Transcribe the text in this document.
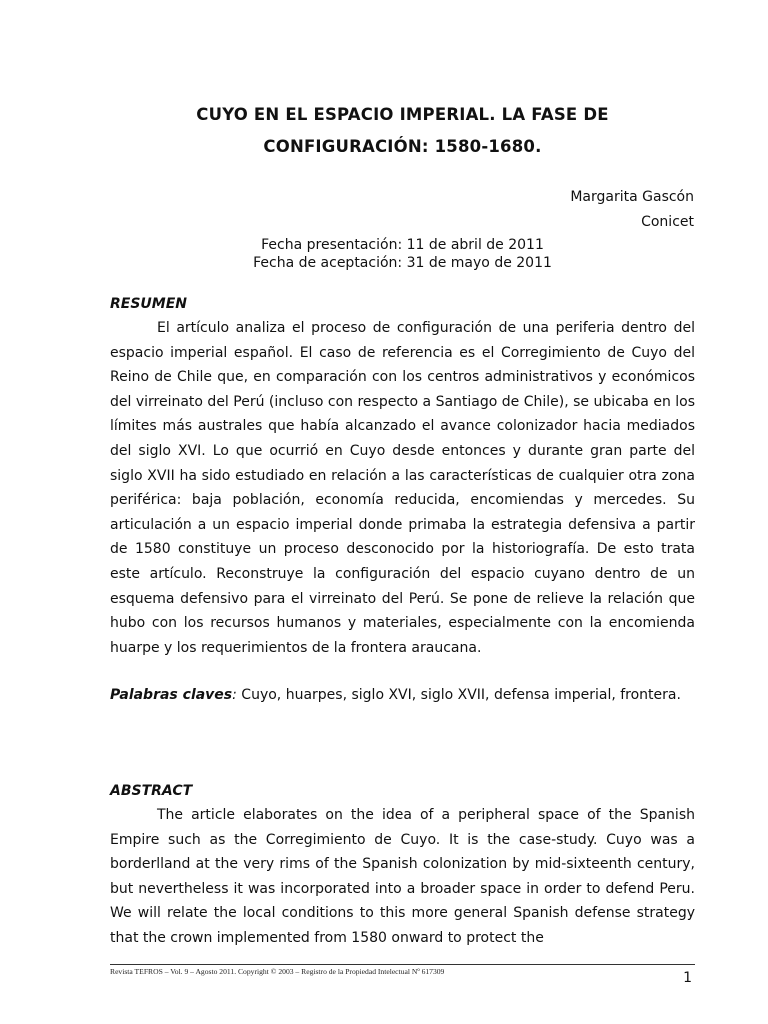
CUYO EN EL ESPACIO IMPERIAL. LA FASE DE
CONFIGURACIÓN: 1580-1680.
Margarita Gascón
Conicet
Fecha presentación: 11 de abril de 2011
Fecha de aceptación: 31 de mayo de 2011
RESUMEN

El artículo analiza el proceso de configuración de una periferia dentro del espacio imperial español. El caso de referencia es el Corregimiento de Cuyo del Reino de Chile que, en comparación con los centros administrativos y económicos del virreinato del Perú (incluso con respecto a Santiago de Chile), se ubicaba en los límites más australes que había alcanzado el avance colonizador hacia mediados del siglo XVI. Lo que ocurrió en Cuyo desde entonces y durante gran parte del siglo XVII ha sido estudiado en relación a las características de cualquier otra zona periférica: baja población, economía reducida, encomiendas y mercedes. Su articulación a un espacio imperial donde primaba la estrategia defensiva a partir de 1580 constituye un proceso desconocido por la historiografía. De esto trata este artículo. Reconstruye la configuración del espacio cuyano dentro de un esquema defensivo para el virreinato del Perú. Se pone de relieve la relación que hubo con los recursos humanos y materiales, especialmente con la encomienda huarpe y los requerimientos de la frontera araucana.

Palabras claves: Cuyo, huarpes, siglo XVI, siglo XVII, defensa imperial, frontera.

ABSTRACT

The article elaborates on the idea of a peripheral space of the Spanish Empire such as the Corregimiento de Cuyo. It is the case-study. Cuyo was a borderlland at the very rims of the Spanish colonization by mid-sixteenth century, but nevertheless it was incorporated into a broader space in order to defend Peru. We will relate the local conditions to this more general Spanish defense strategy that the crown implemented from 1580 onward to protect the

Revista TEFROS – Vol. 9 – Agosto 2011. Copyright © 2003 – Registro de la Propiedad Intelectual Nº 617309	1
